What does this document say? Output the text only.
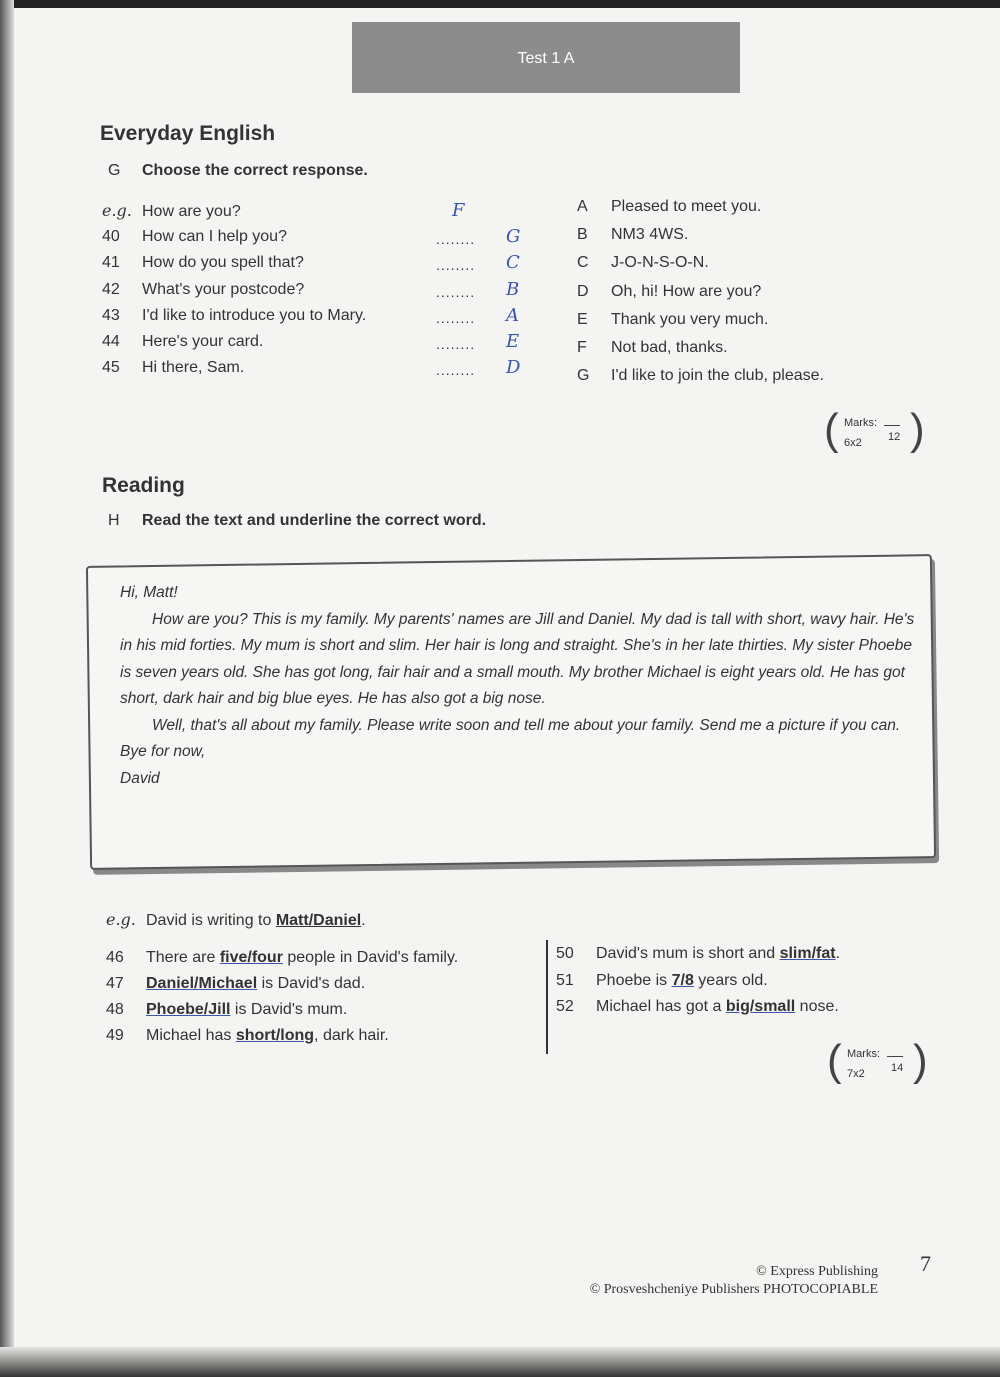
Test 1 A
Everyday English
G Choose the correct response.
( Marks:
6x2 12 )
Reading
H Read the text and underline the correct word.

Hi, Matt!

How are you? This is my family. My parents' names are Jill and Daniel. My dad is tall with short, wavy hair. He's in his mid forties. My mum is short and slim. Her hair is long and straight. She's in her late thirties. My sister Phoebe is seven years old. She has got long, fair hair and a small mouth. My brother Michael is eight years old. He has got short, dark hair and big blue eyes. He has also got a big nose.

Well, that's all about my family. Please write soon and tell me about your family. Send me a picture if you can.

Bye for now,

David

e.g. David is writing to Matt/Daniel.
( Marks:
7x2 14 )
© Express Publishing
© Prosveshcheniye Publishers PHOTOCOPIABLE
7
e.g. How are you?	F
40 How can I help you?	........ G
41 How do you spell that?	........ C
42 What's your postcode?	........ B
43 I'd like to introduce you to Mary.	........ A
44 Here's your card.	........ E
45 Hi there, Sam.	........ D
A Pleased to meet you.
B NM3 4WS.
C J-O-N-S-O-N.
D Oh, hi! How are you?
E Thank you very much.
F Not bad, thanks.
G I'd like to join the club, please.
46 There are five/four people in David's family.
47 Daniel/Michael is David's dad.
48 Phoebe/Jill is David's mum.
49 Michael has short/long, dark hair.
50 David's mum is short and slim/fat.
51 Phoebe is 7/8 years old.
52 Michael has got a big/small nose.
